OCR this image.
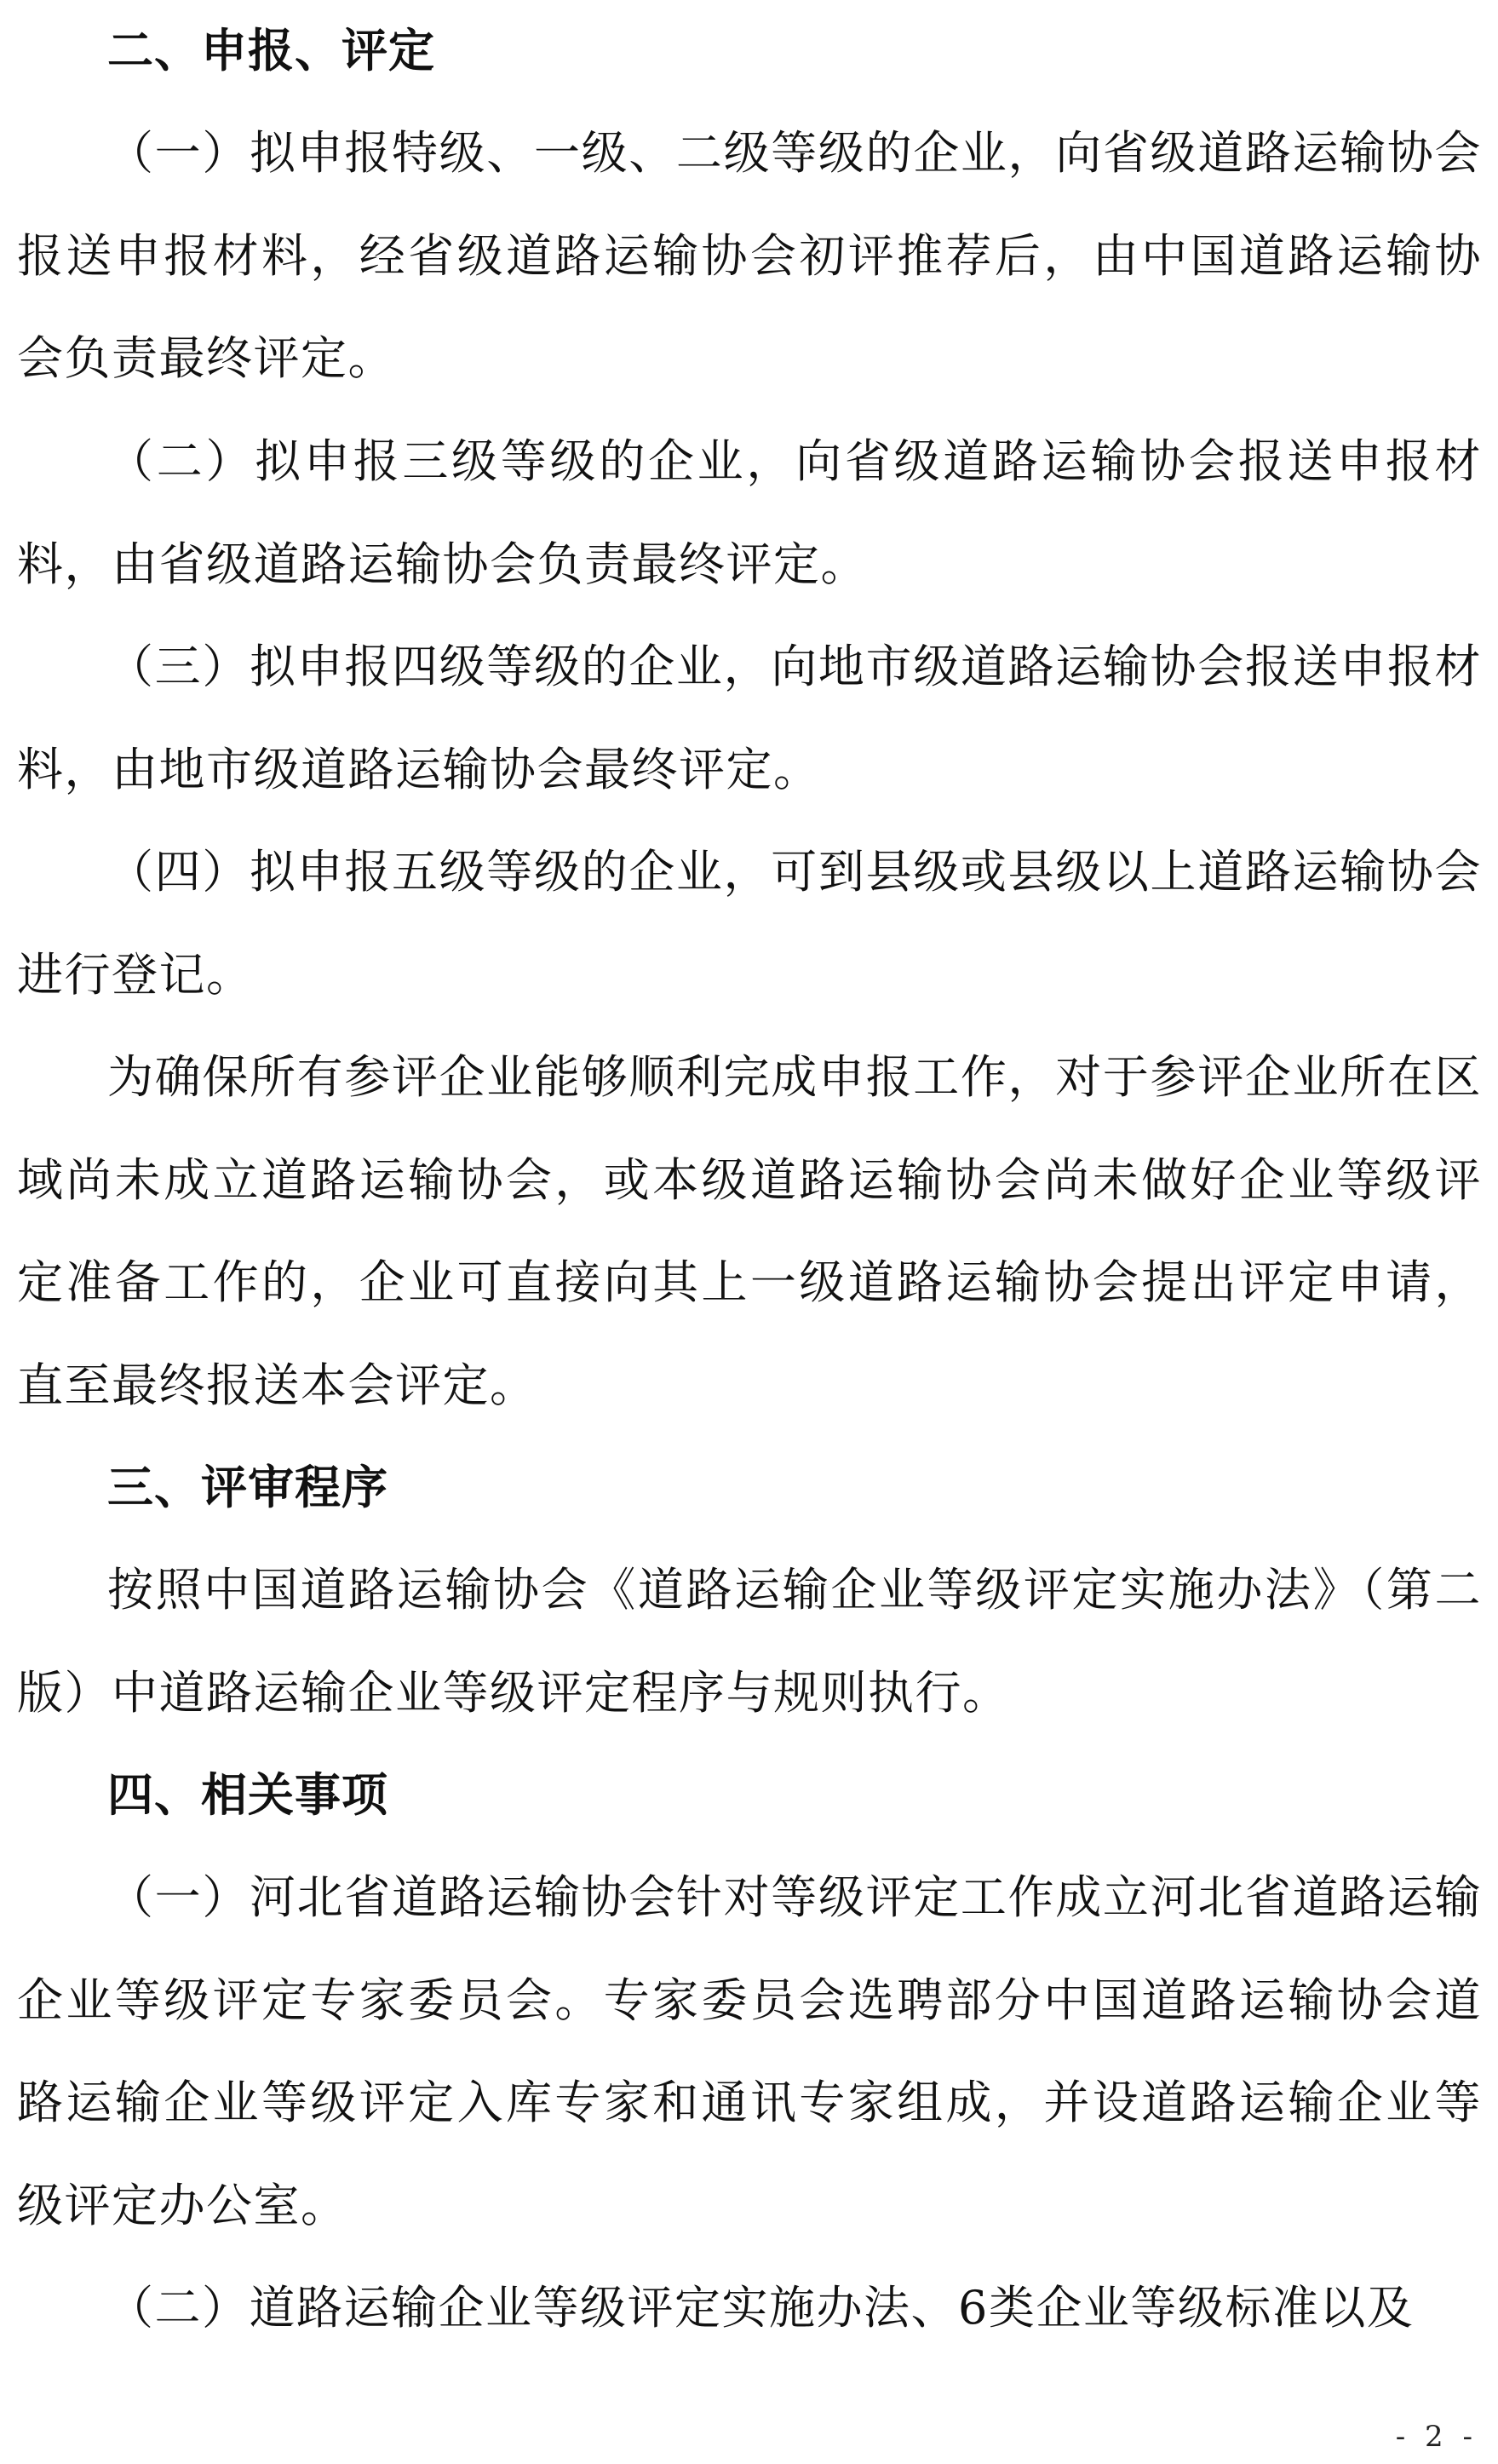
二、申报、评定

（一）拟申报特级、一级、二级等级的企业，向省级道路运输协会报送申报材料，经省级道路运输协会初评推荐后，由中国道路运输协会负责最终评定。

（二）拟申报三级等级的企业，向省级道路运输协会报送申报材料，由省级道路运输协会负责最终评定。

（三）拟申报四级等级的企业，向地市级道路运输协会报送申报材料，由地市级道路运输协会最终评定。

（四）拟申报五级等级的企业，可到县级或县级以上道路运输协会进行登记。

为确保所有参评企业能够顺利完成申报工作，对于参评企业所在区域尚未成立道路运输协会，或本级道路运输协会尚未做好企业等级评定准备工作的，企业可直接向其上一级道路运输协会提出评定申请，直至最终报送本会评定。

三、评审程序

按照中国道路运输协会《道路运输企业等级评定实施办法》（第二版）中道路运输企业等级评定程序与规则执行。

四、相关事项

（一）河北省道路运输协会针对等级评定工作成立河北省道路运输企业等级评定专家委员会。专家委员会选聘部分中国道路运输协会道路运输企业等级评定入库专家和通讯专家组成，并设道路运输企业等级评定办公室。

（二）道路运输企业等级评定实施办法、6类企业等级标准以及

- 2 -
